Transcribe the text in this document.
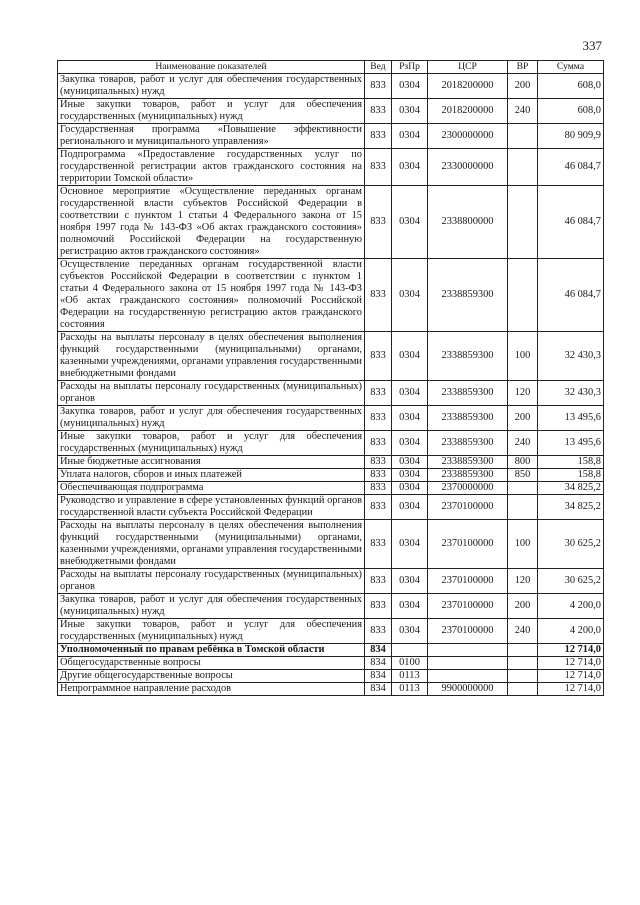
337
Наименование показателей	Вед	РзПр	ЦСР	ВР	Сумма
Закупка товаров, работ и услуг для обеспечения государственных (муниципальных) нужд	833	0304	2018200000	200	608,0
Иные закупки товаров, работ и услуг для обеспечения государственных (муниципальных) нужд	833	0304	2018200000	240	608,0
Государственная программа «Повышение эффективности регионального и муниципального управления»	833	0304	2300000000		80 909,9
Подпрограмма «Предоставление государственных услуг по государственной регистрации актов гражданского состояния на территории Томской области»	833	0304	2330000000		46 084,7
Основное мероприятие «Осуществление переданных органам государственной власти субъектов Российской Федерации в соответствии с пунктом 1 статьи 4 Федерального закона от 15 ноября 1997 года № 143-ФЗ «Об актах гражданского состояния» полномочий Российской Федерации на государственную регистрацию актов гражданского состояния»	833	0304	2338800000		46 084,7
Осуществление переданных органам государственной власти субъектов Российской Федерации в соответствии с пунктом 1 статьи 4 Федерального закона от 15 ноября 1997 года № 143-ФЗ «Об актах гражданского состояния» полномочий Российской Федерации на государственную регистрацию актов гражданского состояния	833	0304	2338859300		46 084,7
Расходы на выплаты персоналу в целях обеспечения выполнения функций государственными (муниципальными) органами, казенными учреждениями, органами управления государственными внебюджетными фондами	833	0304	2338859300	100	32 430,3
Расходы на выплаты персоналу государственных (муниципальных) органов	833	0304	2338859300	120	32 430,3
Закупка товаров, работ и услуг для обеспечения государственных (муниципальных) нужд	833	0304	2338859300	200	13 495,6
Иные закупки товаров, работ и услуг для обеспечения государственных (муниципальных) нужд	833	0304	2338859300	240	13 495,6
Иные бюджетные ассигнования	833	0304	2338859300	800	158,8
Уплата налогов, сборов и иных платежей	833	0304	2338859300	850	158,8
Обеспечивающая подпрограмма	833	0304	2370000000		34 825,2
Руководство и управление в сфере установленных функций органов государственной власти субъекта Российской Федерации	833	0304	2370100000		34 825,2
Расходы на выплаты персоналу в целях обеспечения выполнения функций государственными (муниципальными) органами, казенными учреждениями, органами управления государственными внебюджетными фондами	833	0304	2370100000	100	30 625,2
Расходы на выплаты персоналу государственных (муниципальных) органов	833	0304	2370100000	120	30 625,2
Закупка товаров, работ и услуг для обеспечения государственных (муниципальных) нужд	833	0304	2370100000	200	4 200,0
Иные закупки товаров, работ и услуг для обеспечения государственных (муниципальных) нужд	833	0304	2370100000	240	4 200,0
Уполномоченный по правам ребёнка в Томской области	834				12 714,0
Общегосударственные вопросы	834	0100			12 714,0
Другие общегосударственные вопросы	834	0113			12 714,0
Непрограммное направление расходов	834	0113	9900000000		12 714,0
